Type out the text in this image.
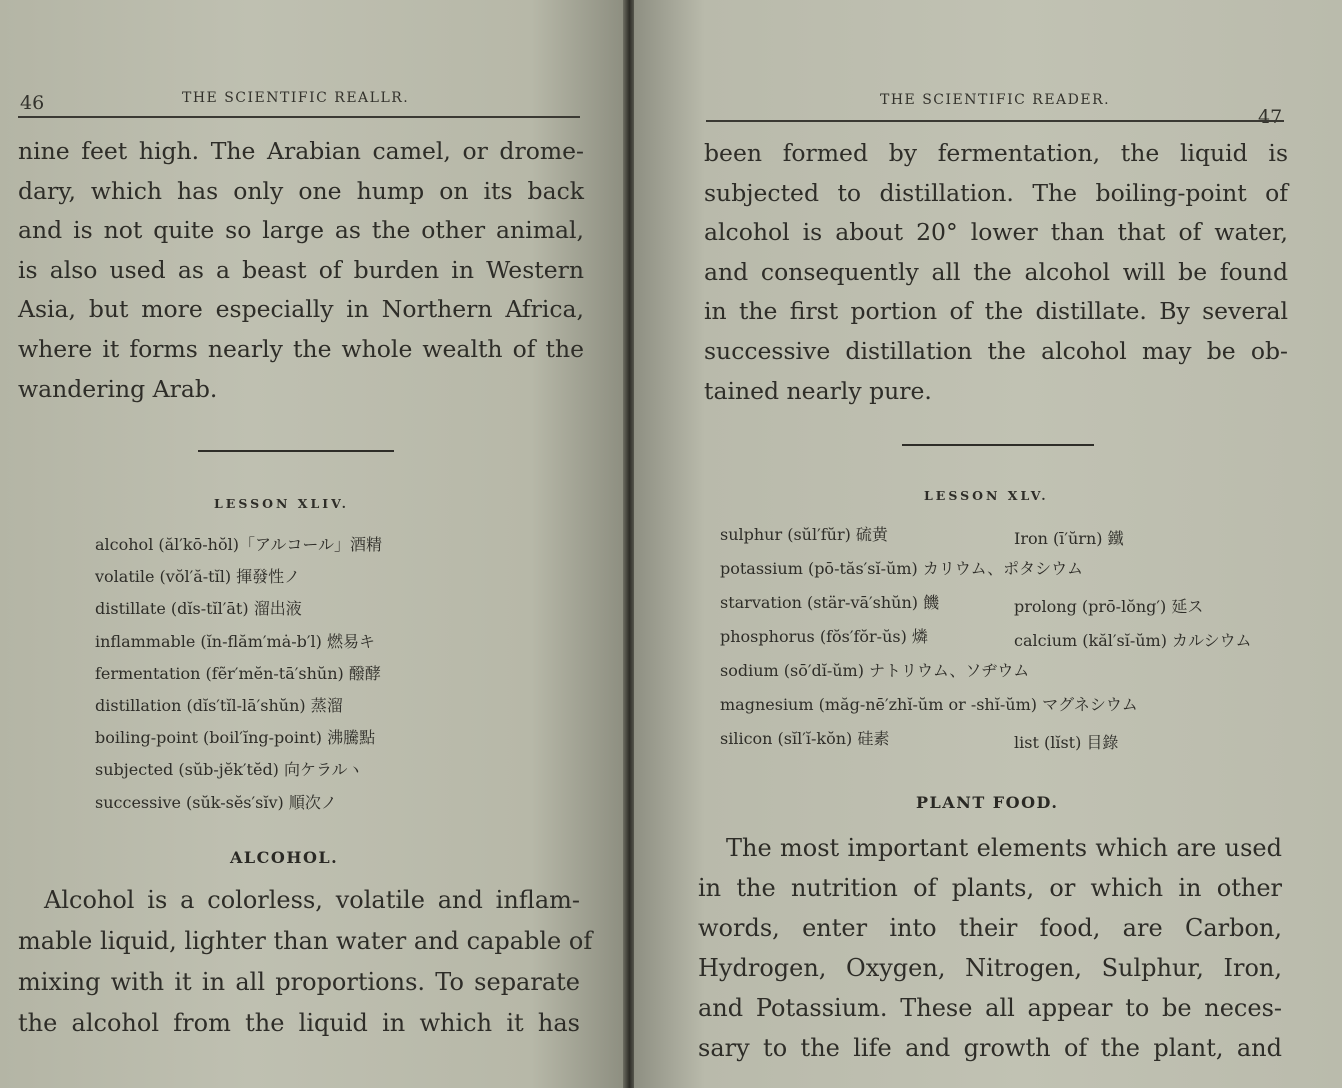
46	THE SCIENTIFIC REALLR.
nine feet high. The Arabian camel, or drome-
dary, which has only one hump on its back
and is not quite so large as the other animal,
is also used as a beast of burden in Western
Asia, but more especially in Northern Africa,
where it forms nearly the whole wealth of the
wandering Arab.
LESSON XLIV.
alcohol (ăl′kō-hŏl)「アルコール」酒精
volatile (vŏl′ă-tĭl) 揮發性ノ
distillate (dĭs-tĭl′āt) 溜出液
inflammable (ĭn-flăm′mȧ-b′l) 燃易キ
fermentation (fẽr′mĕn-tā′shŭn) 醱酵
distillation (dĭs′tĭl-lā′shŭn) 蒸溜
boiling-point (boil′ĭng-point) 沸騰點
subjected (sŭb-jĕk′tĕd) 向ケラルヽ
successive (sŭk-sĕs′sĭv) 順次ノ
ALCOHOL.
Alcohol is a colorless, volatile and inflam-
mable liquid, lighter than water and capable of
mixing with it in all proportions. To separate
the alcohol from the liquid in which it has
THE SCIENTIFIC READER.
47
been formed by fermentation, the liquid is
subjected to distillation. The boiling-point of
alcohol is about 20° lower than that of water,
and consequently all the alcohol will be found
in the first portion of the distillate. By several
successive distillation the alcohol may be ob-
tained nearly pure.
LESSON XLV.
sulphur (sŭl′fŭr) 硫黄	Iron (ī′ŭrn) 鐵
potassium (pō-tăs′sĭ-ŭm) カリウム、ポタシウム
starvation (stär-vā′shŭn) 饑	prolong (prō-lŏng′) 延ス
phosphorus (fŏs′fŏr-ŭs) 燐	calcium (kăl′sĭ-ŭm) カルシウム
sodium (sō′dĭ-ŭm) ナトリウム、ソヂウム
magnesium (măg-nē′zhĭ-ŭm or -shĭ-ŭm) マグネシウム
silicon (sĭl′ĭ-kŏn) 硅素	list (lĭst) 目錄
PLANT FOOD.
The most important elements which are used
in the nutrition of plants, or which in other
words, enter into their food, are Carbon,
Hydrogen, Oxygen, Nitrogen, Sulphur, Iron,
and Potassium. These all appear to be neces-
sary to the life and growth of the plant, and
